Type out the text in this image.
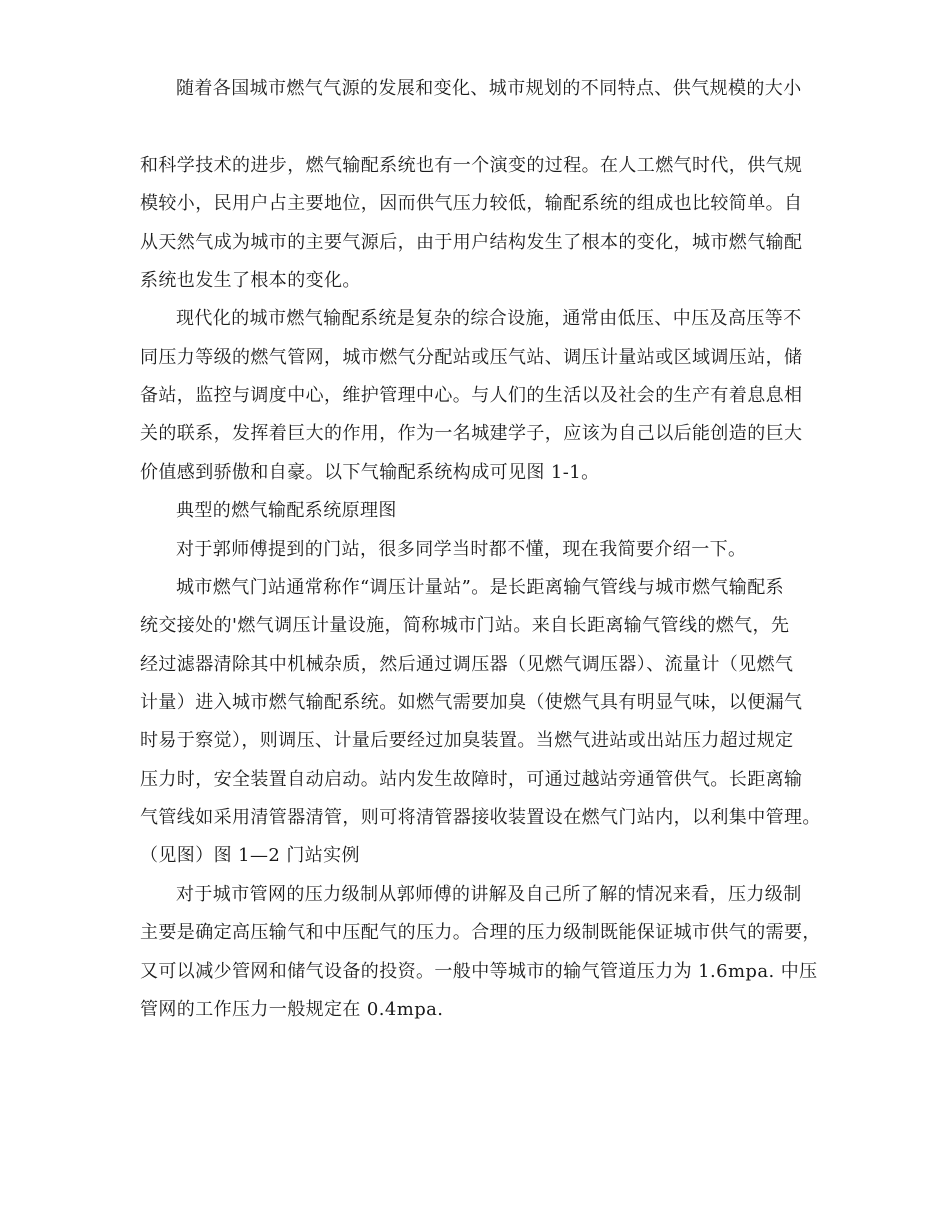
随着各国城市燃气气源的发展和变化、城市规划的不同特点、供气规模的大小
和科学技术的进步，燃气输配系统也有一个演变的过程。在人工燃气时代，供气规
模较小，民用户占主要地位，因而供气压力较低，输配系统的组成也比较简单。自
从天然气成为城市的主要气源后，由于用户结构发生了根本的变化，城市燃气输配
系统也发生了根本的变化。
现代化的城市燃气输配系统是复杂的综合设施，通常由低压、中压及高压等不
同压力等级的燃气管网，城市燃气分配站或压气站、调压计量站或区域调压站，储
备站，监控与调度中心，维护管理中心。与人们的生活以及社会的生产有着息息相
关的联系，发挥着巨大的作用，作为一名城建学子，应该为自己以后能创造的巨大
价值感到骄傲和自豪。以下气输配系统构成可见图 1-1。
典型的燃气输配系统原理图
对于郭师傅提到的门站，很多同学当时都不懂，现在我简要介绍一下。
城市燃气门站通常称作“调压计量站”。是长距离输气管线与城市燃气输配系
统交接处的'燃气调压计量设施，简称城市门站。来自长距离输气管线的燃气，先
经过滤器清除其中机械杂质，然后通过调压器（见燃气调压器）、流量计（见燃气
计量）进入城市燃气输配系统。如燃气需要加臭（使燃气具有明显气味，以便漏气
时易于察觉），则调压、计量后要经过加臭装置。当燃气进站或出站压力超过规定
压力时，安全装置自动启动。站内发生故障时，可通过越站旁通管供气。长距离输
气管线如采用清管器清管，则可将清管器接收装置设在燃气门站内，以利集中管理。
（见图）图 1—2 门站实例
对于城市管网的压力级制从郭师傅的讲解及自己所了解的情况来看，压力级制
主要是确定高压输气和中压配气的压力。合理的压力级制既能保证城市供气的需要，
又可以减少管网和储气设备的投资。一般中等城市的输气管道压力为 1.6mpa. 中压
管网的工作压力一般规定在 0.4mpa.
